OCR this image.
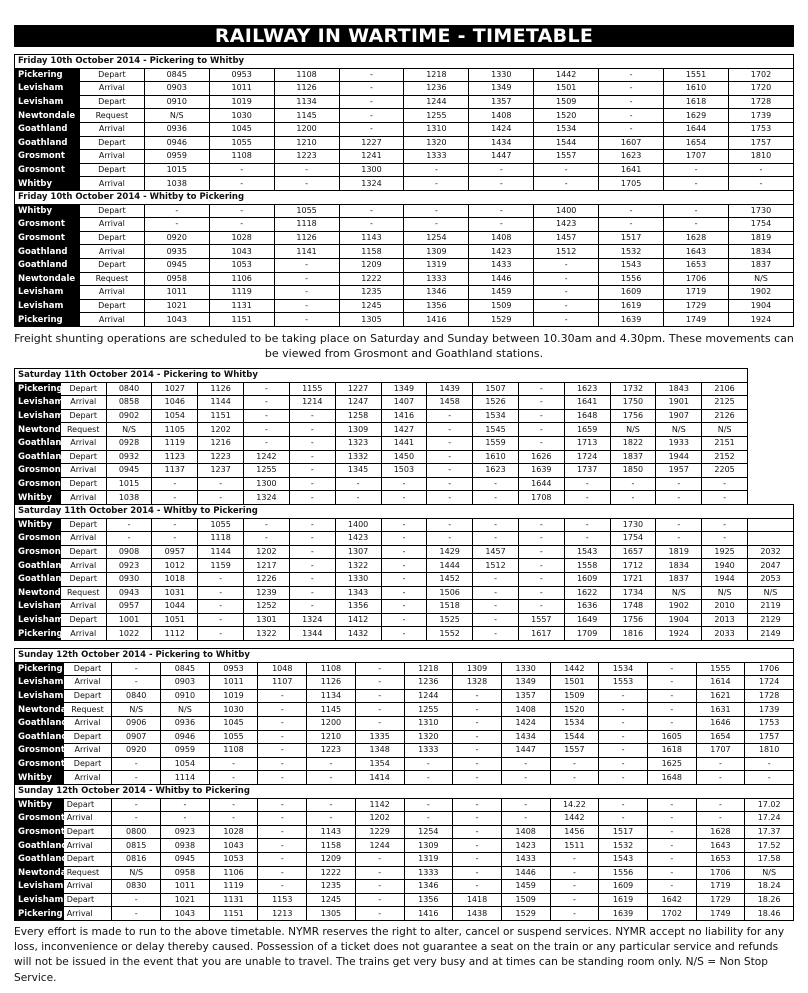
RAILWAY IN WARTIME - TIMETABLE
Friday 10th October 2014 - Pickering to Whitby											
Pickering	Depart	0845	0953	1108	-	1218	1330	1442	-	1551	1702
Levisham	Arrival	0903	1011	1126	-	1236	1349	1501	-	1610	1720
Levisham	Depart	0910	1019	1134	-	1244	1357	1509	-	1618	1728
Newtondale	Request	N/S	1030	1145	-	1255	1408	1520	-	1629	1739
Goathland	Arrival	0936	1045	1200	-	1310	1424	1534	-	1644	1753
Goathland	Depart	0946	1055	1210	1227	1320	1434	1544	1607	1654	1757
Grosmont	Arrival	0959	1108	1223	1241	1333	1447	1557	1623	1707	1810
Grosmont	Depart	1015	-	-	1300	-	-	-	1641	-	-
Whitby	Arrival	1038	-	-	1324	-	-	-	1705	-	-
Friday 10th October 2014 - Whitby to Pickering											
Whitby	Depart	-	-	1055	-	-	-	1400	-	-	1730
Grosmont	Arrival	-	-	1118	-	-	-	1423	-	-	1754
Grosmont	Depart	0920	1028	1126	1143	1254	1408	1457	1517	1628	1819
Goathland	Arrival	0935	1043	1141	1158	1309	1423	1512	1532	1643	1834
Goathland	Depart	0945	1053	-	1209	1319	1433	-	1543	1653	1837
Newtondale	Request	0958	1106	-	1222	1333	1446	-	1556	1706	N/S
Levisham	Arrival	1011	1119	-	1235	1346	1459	-	1609	1719	1902
Levisham	Depart	1021	1131	-	1245	1356	1509	-	1619	1729	1904
Pickering	Arrival	1043	1151	-	1305	1416	1529	-	1639	1749	1924
Freight shunting operations are scheduled to be taking place on Saturday and Sunday between 10.30am and 4.30pm. These movements can be viewed from Grosmont and Goathland stations.
Saturday 11th October 2014 - Pickering to Whitby																
Pickering	Depart	0840	1027	1126	-	1155	1227	1349	1439	1507	-	1623	1732	1843	2106	
Levisham	Arrival	0858	1046	1144	-	1214	1247	1407	1458	1526	-	1641	1750	1901	2125	
Levisham	Depart	0902	1054	1151	-	-	1258	1416	-	1534	-	1648	1756	1907	2126	
Newtondale	Request	N/S	1105	1202	-	-	1309	1427	-	1545	-	1659	N/S	N/S	N/S	
Goathland	Arrival	0928	1119	1216	-	-	1323	1441	-	1559	-	1713	1822	1933	2151	
Goathland	Depart	0932	1123	1223	1242	-	1332	1450	-	1610	1626	1724	1837	1944	2152	
Grosmont	Arrival	0945	1137	1237	1255	-	1345	1503	-	1623	1639	1737	1850	1957	2205	
Grosmont	Depart	1015	-	-	1300	-	-	-	-	-	1644	-	-	-	-	
Whitby	Arrival	1038	-	-	1324	-	-	-	-	-	1708	-	-	-	-	
Saturday 11th October 2014 - Whitby to Pickering																
Whitby	Depart	-	-	1055	-	-	1400	-	-	-	-	-	1730	-	-	
Grosmont	Arrival	-	-	1118	-	-	1423	-	-	-	-	-	1754	-	-	
Grosmont	Depart	0908	0957	1144	1202	-	1307	-	1429	1457	-	1543	1657	1819	1925	2032
Goathland	Arrival	0923	1012	1159	1217	-	1322	-	1444	1512	-	1558	1712	1834	1940	2047
Goathland	Depart	0930	1018	-	1226	-	1330	-	1452	-	-	1609	1721	1837	1944	2053
Newtondale	Request	0943	1031	-	1239	-	1343	-	1506	-	-	1622	1734	N/S	N/S	N/S
Levisham	Arrival	0957	1044	-	1252	-	1356	-	1518	-	-	1636	1748	1902	2010	2119
Levisham	Depart	1001	1051	-	1301	1324	1412	-	1525	-	1557	1649	1756	1904	2013	2129
Pickering	Arrival	1022	1112	-	1322	1344	1432	-	1552	-	1617	1709	1816	1924	2033	2149
Sunday 12th October 2014 - Pickering to Whitby															
Pickering	Depart	-	0845	0953	1048	1108	-	1218	1309	1330	1442	1534	-	1555	1706
Levisham	Arrival	-	0903	1011	1107	1126	-	1236	1328	1349	1501	1553	-	1614	1724
Levisham	Depart	0840	0910	1019	-	1134	-	1244	-	1357	1509	-	-	1621	1728
Newtondale	Request	N/S	N/S	1030	-	1145	-	1255	-	1408	1520	-	-	1631	1739
Goathland	Arrival	0906	0936	1045	-	1200	-	1310	-	1424	1534	-	-	1646	1753
Goathland	Depart	0907	0946	1055	-	1210	1335	1320	-	1434	1544	-	1605	1654	1757
Grosmont	Arrival	0920	0959	1108	-	1223	1348	1333	-	1447	1557	-	1618	1707	1810
Grosmont	Depart	-	1054	-	-	-	1354	-	-	-	-	-	1625	-	-
Whitby	Arrival	-	1114	-	-	-	1414	-	-	-	-	-	1648	-	-
Sunday 12th October 2014 - Whitby to Pickering															
Whitby	Depart	-	-	-	-	-	1142	-	-	-	14.22	-	-	-	17.02
Grosmont	Arrival	-	-	-	-	-	1202	-	-	-	1442	-	-	-	17.24
Grosmont	Depart	0800	0923	1028	-	1143	1229	1254	-	1408	1456	1517	-	1628	17.37
Goathland	Arrival	0815	0938	1043	-	1158	1244	1309	-	1423	1511	1532	-	1643	17.52
Goathland	Depart	0816	0945	1053	-	1209	-	1319	-	1433	-	1543	-	1653	17.58
Newtondale	Request	N/S	0958	1106	-	1222	-	1333	-	1446	-	1556	-	1706	N/S
Levisham	Arrival	0830	1011	1119	-	1235	-	1346	-	1459	-	1609	-	1719	18.24
Levisham	Depart	-	1021	1131	1153	1245	-	1356	1418	1509	-	1619	1642	1729	18.26
Pickering	Arrival	-	1043	1151	1213	1305	-	1416	1438	1529	-	1639	1702	1749	18.46
Every effort is made to run to the above timetable. NYMR reserves the right to alter, cancel or suspend services. NYMR accept no liability for any loss, inconvenience or delay thereby caused. Possession of a ticket does not guarantee a seat on the train or any particular service and refunds will not be issued in the event that you are unable to travel. The trains get very busy and at times can be standing room only. N/S = Non Stop Service.
